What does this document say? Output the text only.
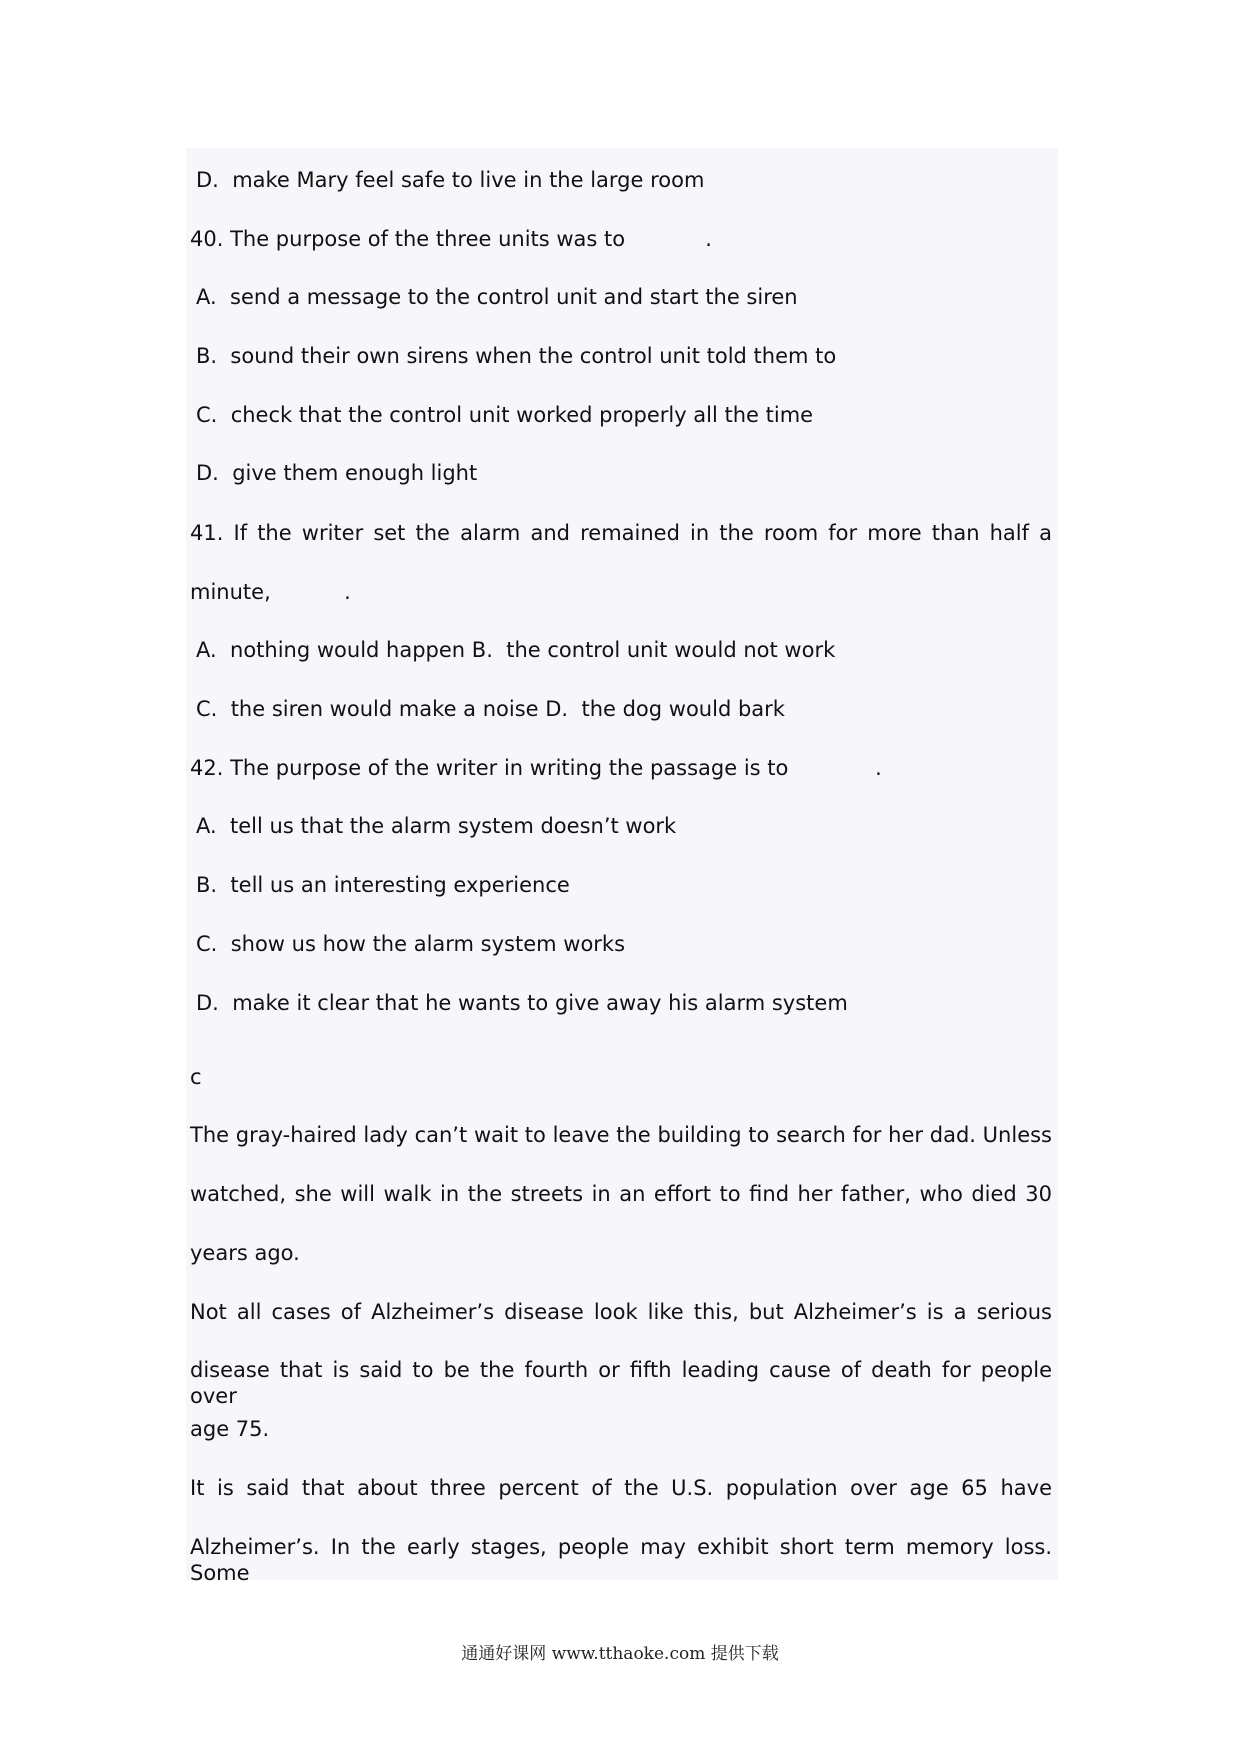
D.  make Mary feel safe to live in the large room

40. The purpose of the three units was to            .

A.  send a message to the control unit and start the siren

B.  sound their own sirens when the control unit told them to

C.  check that the control unit worked properly all the time

D.  give them enough light

41. If the writer set the alarm and remained in the room for more than half a

minute,           .

A.  nothing would happen B.  the control unit would not work

C.  the siren would make a noise D.  the dog would bark

42. The purpose of the writer in writing the passage is to             .

A.  tell us that the alarm system doesn’t work

B.  tell us an interesting experience

C.  show us how the alarm system works

D.  make it clear that he wants to give away his alarm system

c

The gray-haired lady can’t wait to leave the building to search for her dad. Unless

watched, she will walk in the streets in an effort to find her father, who died 30

years ago.

Not all cases of Alzheimer’s disease look like this, but Alzheimer’s is a serious

disease that is said to be the fourth or fifth leading cause of death for people over

age 75.

It is said that about three percent of the U.S. population over age 65 have

Alzheimer’s. In the early stages, people may exhibit short term memory loss. Some

通通好课网 www.tthaoke.com 提供下载
